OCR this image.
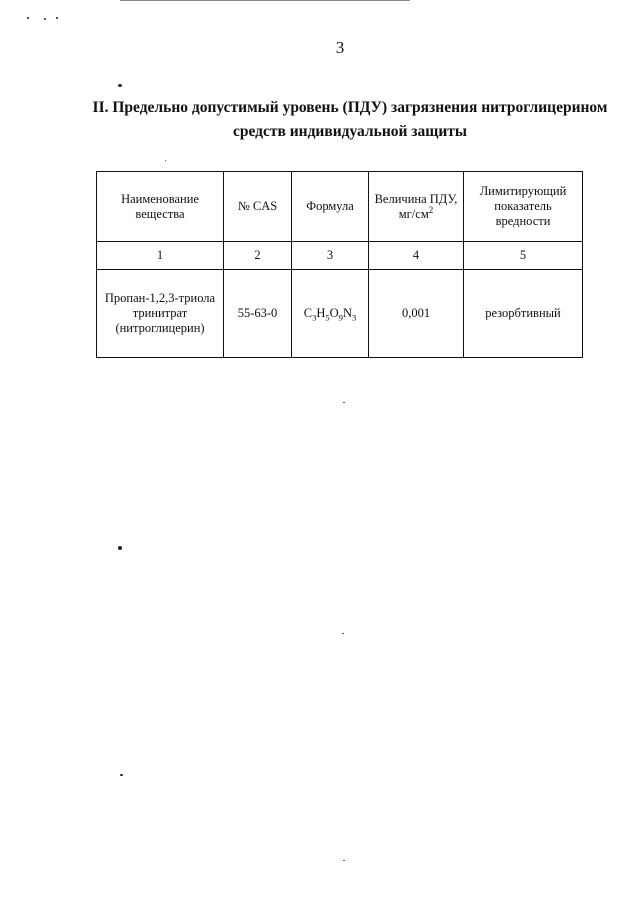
3
II. Предельно допустимый уровень (ПДУ) загрязнения нитроглицерином
средств индивидуальной защиты
Наименование вещества	№ CAS	Формула	Величина ПДУ,
$мг/см^2$	Лимитирующий показатель вредности
1	2	3	4	5
Пропан-1,2,3-триола тринитрат (нитроглицерин)	55-63-0	$C_3H_5O_9N_3$	0,001	резорбтивный
